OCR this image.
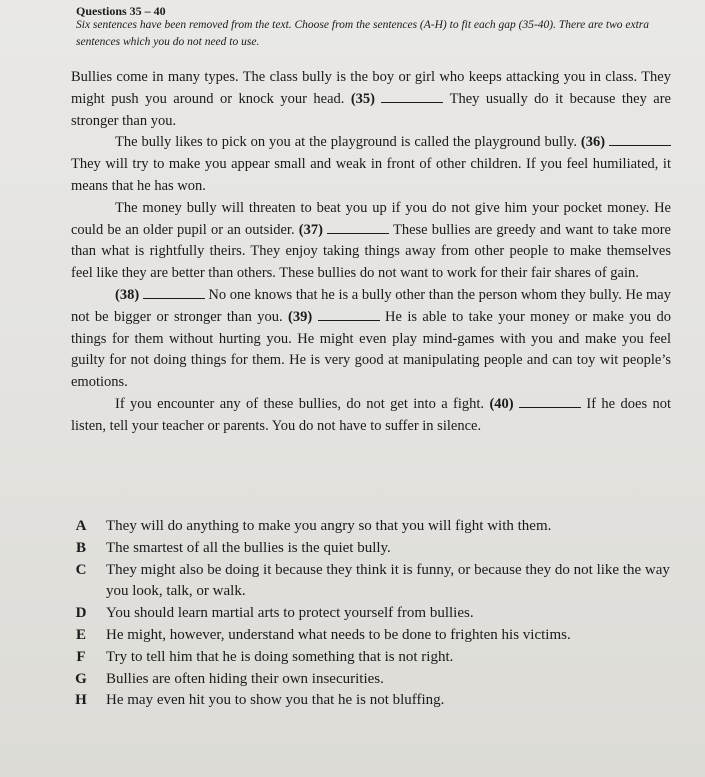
Questions 35 – 40
Six sentences have been removed from the text. Choose from the sentences (A-H) to fit each gap (35-40). There are two extra sentences which you do not need to use.

Bullies come in many types. The class bully is the boy or girl who keeps attacking you in class. They might push you around or knock your head. (35)	They usually do it because they are stronger than you.

The bully likes to pick on you at the playground is called the playground bully. (36)  They will try to make you appear small and weak in front of other children. If you feel humiliated, it means that he has won.

The money bully will threaten to beat you up if you do not give him your pocket money. He could be an older pupil or an outsider. (37)	These bullies are greedy and want to take more than what is rightfully theirs. They enjoy taking things away from other people to make themselves feel like they are better than others. These bullies do not want to work for their fair shares of gain.

(38)	No one knows that he is a bully other than the person whom they bully. He may not be bigger or stronger than you. (39)	He is able to take your money or make you do things for them without hurting you. He might even play mind-games with you and make you feel guilty for not doing things for them. He is very good at manipulating people and can toy wit people’s emotions.

If you encounter any of these bullies, do not get into a fight. (40)	If he does not listen, tell your teacher or parents. You do not have to suffer in silence.

A	They will do anything to make you angry so that you will fight with them.
B	The smartest of all the bullies is the quiet bully.
C	They might also be doing it because they think it is funny, or because they do not like the way you look, talk, or walk.
D	You should learn martial arts to protect yourself from bullies.
E	He might, however, understand what needs to be done to frighten his victims.
F	Try to tell him that he is doing something that is not right.
G	Bullies are often hiding their own insecurities.
H	He may even hit you to show you that he is not bluffing.
